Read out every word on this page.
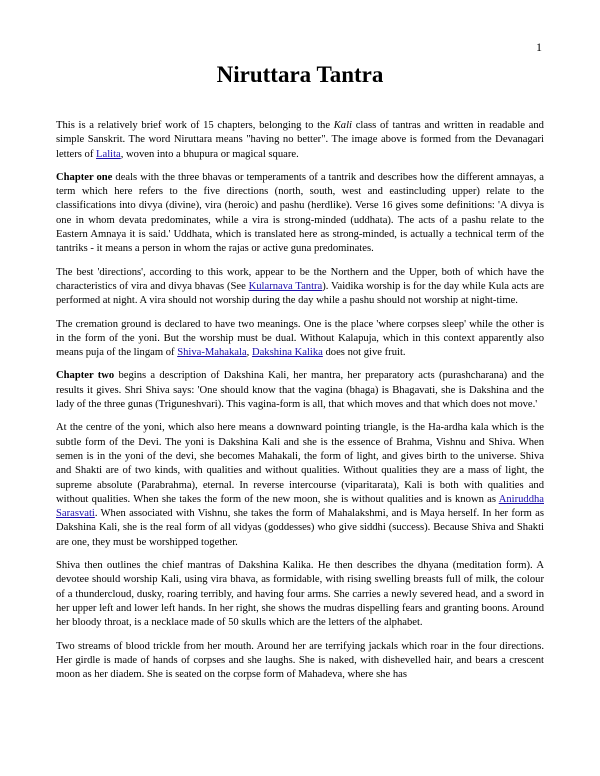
1
Niruttara Tantra

This is a relatively brief work of 15 chapters, belonging to the Kali class of tantras and written in readable and simple Sanskrit. The word Niruttara means "having no better". The image above is formed from the Devanagari letters of Lalita, woven into a bhupura or magical square.

Chapter one deals with the three bhavas or temperaments of a tantrik and describes how the different amnayas, a term which here refers to the five directions (north, south, west and eastincluding upper) relate to the classifications into divya (divine), vira (heroic) and pashu (herdlike). Verse 16 gives some definitions: 'A divya is one in whom devata predominates, while a vira is strong-minded (uddhata). The acts of a pashu relate to the Eastern Amnaya it is said.' Uddhata, which is translated here as strong-minded, is actually a technical term of the tantriks - it means a person in whom the rajas or active guna predominates.

The best 'directions', according to this work, appear to be the Northern and the Upper, both of which have the characteristics of vira and divya bhavas (See Kularnava Tantra). Vaidika worship is for the day while Kula acts are performed at night. A vira should not worship during the day while a pashu should not worship at night-time.

The cremation ground is declared to have two meanings. One is the place 'where corpses sleep' while the other is in the form of the yoni. But the worship must be dual. Without Kalapuja, which in this context apparently also means puja of the lingam of Shiva-Mahakala, Dakshina Kalika does not give fruit.

Chapter two begins a description of Dakshina Kali, her mantra, her preparatory acts (purashcharana) and the results it gives. Shri Shiva says: 'One should know that the vagina (bhaga) is Bhagavati, she is Dakshina and the lady of the three gunas (Triguneshvari). This vagina-form is all, that which moves and that which does not move.'

At the centre of the yoni, which also here means a downward pointing triangle, is the Ha-ardha kala which is the subtle form of the Devi. The yoni is Dakshina Kali and she is the essence of Brahma, Vishnu and Shiva. When semen is in the yoni of the devi, she becomes Mahakali, the form of light, and gives birth to the universe. Shiva and Shakti are of two kinds, with qualities and without qualities. Without qualities they are a mass of light, the supreme absolute (Parabrahma), eternal. In reverse intercourse (viparitarata), Kali is both with qualities and without qualities. When she takes the form of the new moon, she is without qualities and is known as Aniruddha Sarasvati. When associated with Vishnu, she takes the form of Mahalakshmi, and is Maya herself. In her form as Dakshina Kali, she is the real form of all vidyas (goddesses) who give siddhi (success). Because Shiva and Shakti are one, they must be worshipped together.

Shiva then outlines the chief mantras of Dakshina Kalika. He then describes the dhyana (meditation form). A devotee should worship Kali, using vira bhava, as formidable, with rising swelling breasts full of milk, the colour of a thundercloud, dusky, roaring terribly, and having four arms. She carries a newly severed head, and a sword in her upper left and lower left hands. In her right, she shows the mudras dispelling fears and granting boons. Around her bloody throat, is a necklace made of 50 skulls which are the letters of the alphabet.

Two streams of blood trickle from her mouth. Around her are terrifying jackals which roar in the four directions. Her girdle is made of hands of corpses and she laughs. She is naked, with dishevelled hair, and bears a crescent moon as her diadem. She is seated on the corpse form of Mahadeva, where she has
